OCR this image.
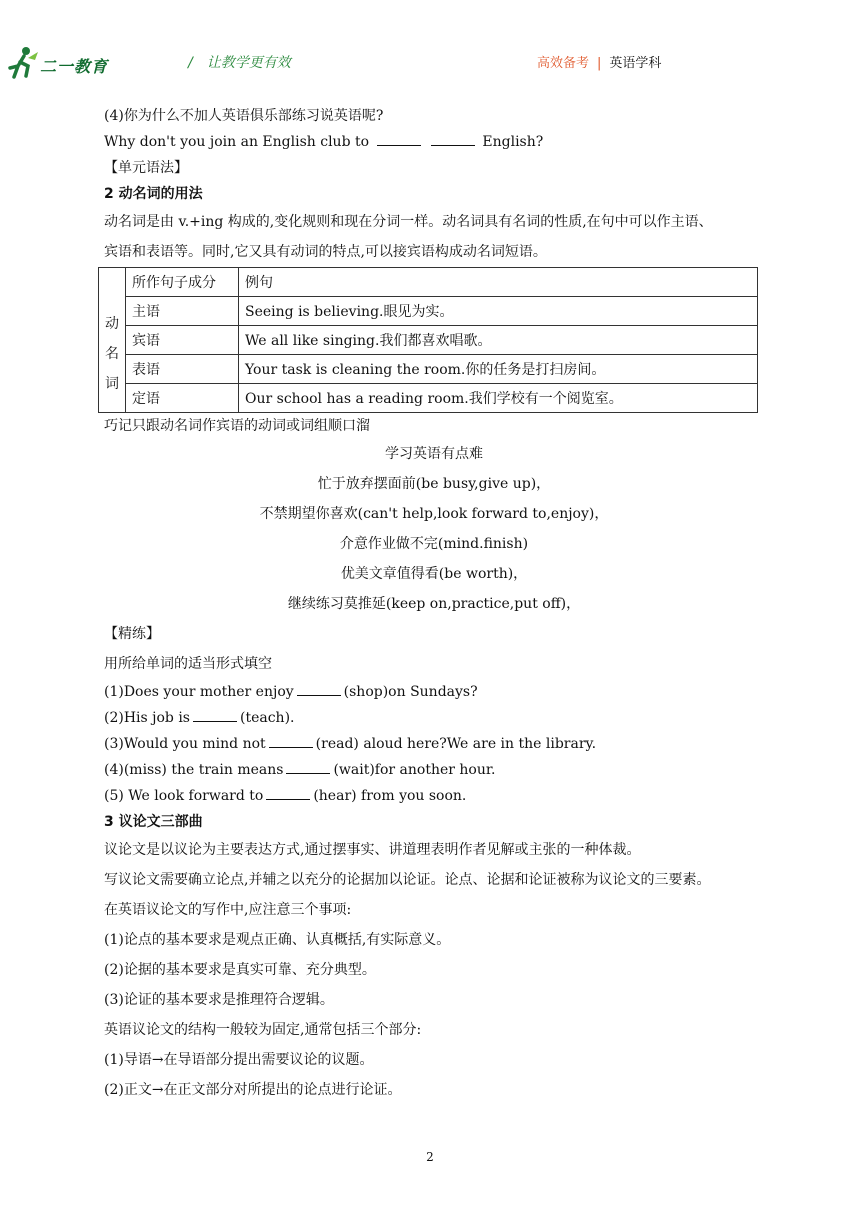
二一教育	/　让教学更有效	高效备考 | 英语学科
(4)你为什么不加人英语俱乐部练习说英语呢?
Why don't you join an English club to	English?
【单元语法】
2 动名词的用法
动名词是由 v.+ing 构成的,变化规则和现在分词一样。动名词具有名词的性质,在句中可以作主语、
宾语和表语等。同时,它又具有动词的特点,可以接宾语构成动名词短语。
动
名
词	所作句子成分	例句
	主语	Seeing is believing.眼见为实。
	宾语	We all like singing.我们都喜欢唱歌。
	表语	Your task is cleaning the room.你的任务是打扫房间。
	定语	Our school has a reading room.我们学校有一个阅览室。
巧记只跟动名词作宾语的动词或词组顺口溜
学习英语有点难
忙于放弃摆面前(be busy,give up)，
不禁期望你喜欢(can't help,look forward to,enjoy)，
介意作业做不完(mind.finish)
优美文章值得看(be worth)，
继续练习莫推延(keep on,practice,put off)，
【精练】
用所给单词的适当形式填空
(1)Does your mother enjoy	(shop)on Sundays?
(2)His job is	(teach).
(3)Would you mind not	(read) aloud here?We are in the library.
(4)(miss) the train means	(wait)for another hour.
(5) We look forward to	(hear) from you soon.
3 议论文三部曲
议论文是以议论为主要表达方式,通过摆事实、讲道理表明作者见解或主张的一种体裁。
写议论文需要确立论点,并辅之以充分的论据加以论证。论点、论据和论证被称为议论文的三要素。
在英语议论文的写作中,应注意三个事项:
(1)论点的基本要求是观点正确、认真概括,有实际意义。
(2)论据的基本要求是真实可靠、充分典型。
(3)论证的基本要求是推理符合逻辑。
英语议论文的结构一般较为固定,通常包括三个部分:
(1)导语→在导语部分提出需要议论的议题。
(2)正文→在正文部分对所提出的论点进行论证。
2
